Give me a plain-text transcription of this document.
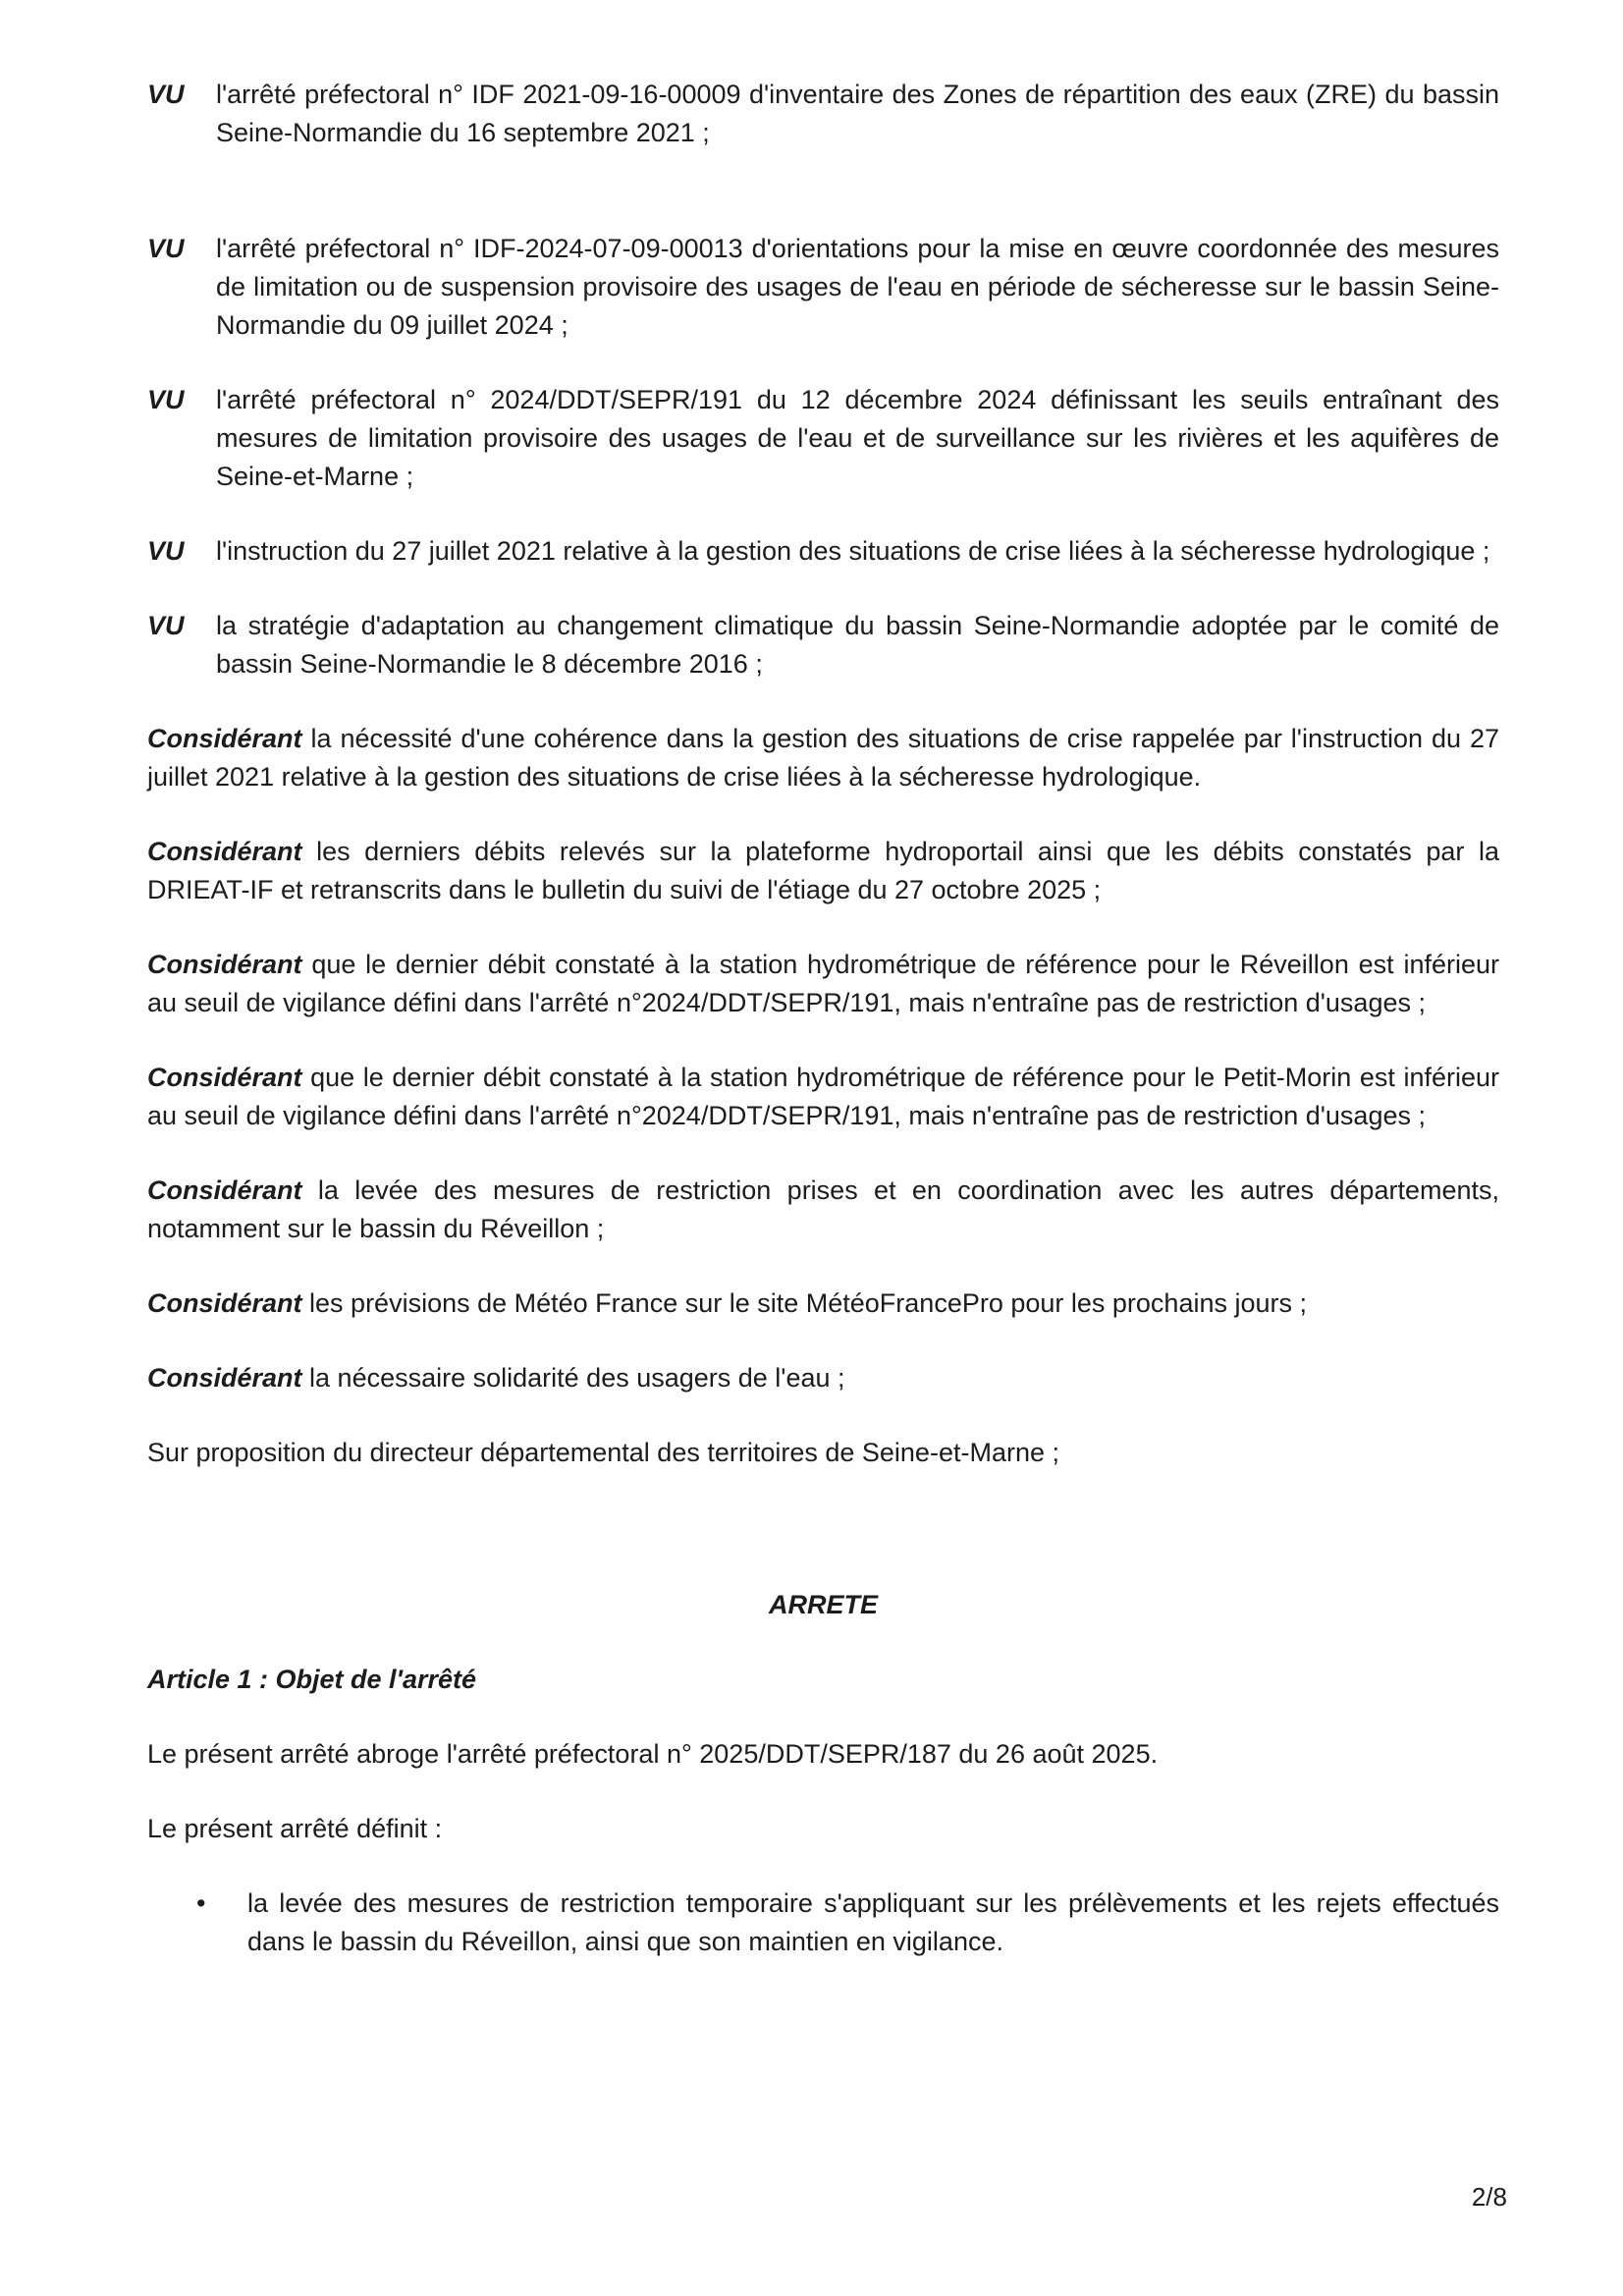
VU	l'arrêté préfectoral n° IDF 2021-09-16-00009 d'inventaire des Zones de répartition des eaux (ZRE) du bassin Seine-Normandie du 16 septembre 2021 ;
VU	l'arrêté préfectoral n° IDF-2024-07-09-00013 d'orientations pour la mise en œuvre coordonnée des mesures de limitation ou de suspension provisoire des usages de l'eau en période de sécheresse sur le bassin Seine-Normandie du 09 juillet 2024 ;
VU	l'arrêté préfectoral n° 2024/DDT/SEPR/191 du 12 décembre 2024 définissant les seuils entraînant des mesures de limitation provisoire des usages de l'eau et de surveillance sur les rivières et les aquifères de Seine-et-Marne ;
VU	l'instruction du 27 juillet 2021 relative à la gestion des situations de crise liées à la sécheresse hydrologique ;
VU	la stratégie d'adaptation au changement climatique du bassin Seine-Normandie adoptée par le comité de bassin Seine-Normandie le 8 décembre 2016 ;

Considérant la nécessité d'une cohérence dans la gestion des situations de crise rappelée par l'instruction du 27 juillet 2021 relative à la gestion des situations de crise liées à la sécheresse hydrologique.

Considérant les derniers débits relevés sur la plateforme hydroportail ainsi que les débits constatés par la DRIEAT-IF et retranscrits dans le bulletin du suivi de l'étiage du 27 octobre 2025 ;

Considérant que le dernier débit constaté à la station hydrométrique de référence pour le Réveillon est inférieur au seuil de vigilance défini dans l'arrêté n°2024/DDT/SEPR/191, mais n'entraîne pas de restriction d'usages ;

Considérant que le dernier débit constaté à la station hydrométrique de référence pour le Petit-Morin est inférieur au seuil de vigilance défini dans l'arrêté n°2024/DDT/SEPR/191, mais n'entraîne pas de restriction d'usages ;

Considérant la levée des mesures de restriction prises et en coordination avec les autres départements, notamment sur le bassin du Réveillon ;

Considérant les prévisions de Météo France sur le site MétéoFrancePro pour les prochains jours ;

Considérant la nécessaire solidarité des usagers de l'eau ;

Sur proposition du directeur départemental des territoires de Seine-et-Marne ;

ARRETE

Article 1 : Objet de l'arrêté

Le présent arrêté abroge l'arrêté préfectoral n° 2025/DDT/SEPR/187 du 26 août 2025.

Le présent arrêté définit :

•	la levée des mesures de restriction temporaire s'appliquant sur les prélèvements et les rejets effectués dans le bassin du Réveillon, ainsi que son maintien en vigilance.
2/8
